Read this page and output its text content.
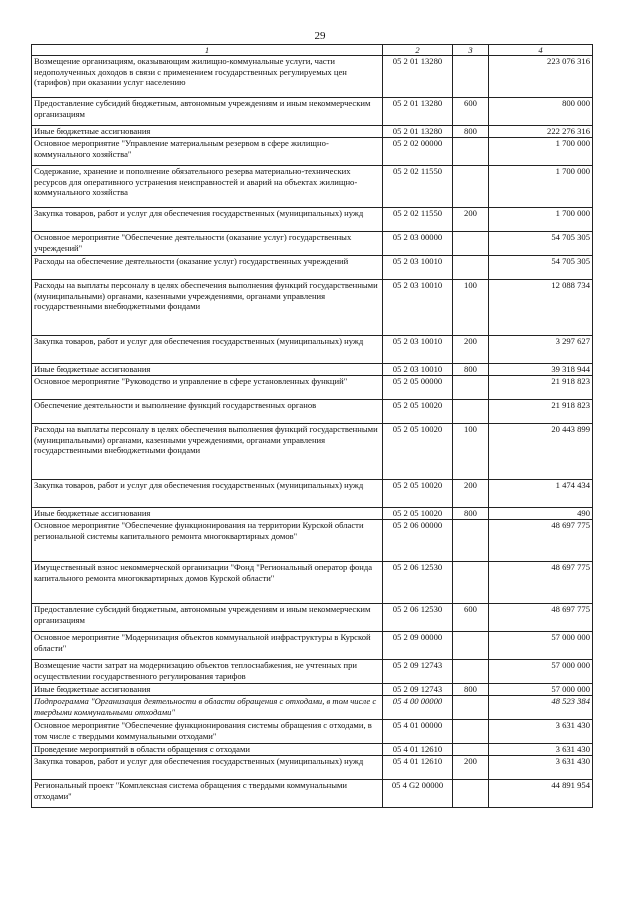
29
1	2	3	4
Возмещение организациям, оказывающим жилищно-коммунальные услуги, части недополученных доходов в связи с применением государственных регулируемых цен (тарифов) при оказании услуг населению	05 2 01 13280		223 076 316
Предоставление субсидий бюджетным, автономным учреждениям и иным некоммерческим организациям	05 2 01 13280	600	800 000
Иные бюджетные ассигнования	05 2 01 13280	800	222 276 316
Основное мероприятие "Управление материальным резервом в сфере жилищно-коммунального хозяйства"	05 2 02 00000		1 700 000
Содержание, хранение и пополнение обязательного резерва материально-технических ресурсов для оперативного устранения неисправностей и аварий на объектах жилищно-коммунального хозяйства	05 2 02 11550		1 700 000
Закупка товаров, работ и услуг для обеспечения государственных (муниципальных) нужд	05 2 02 11550	200	1 700 000
Основное мероприятие "Обеспечение деятельности (оказание услуг) государственных учреждений"	05 2 03 00000		54 705 305
Расходы на обеспечение деятельности (оказание услуг) государственных учреждений	05 2 03 10010		54 705 305
Расходы на выплаты персоналу в целях обеспечения выполнения функций государственными (муниципальными) органами, казенными учреждениями, органами управления государственными внебюджетными фондами	05 2 03 10010	100	12 088 734
Закупка товаров, работ и услуг для обеспечения государственных (муниципальных) нужд	05 2 03 10010	200	3 297 627
Иные бюджетные ассигнования	05 2 03 10010	800	39 318 944
Основное мероприятие "Руководство и управление в сфере установленных функций"	05 2 05 00000		21 918 823
Обеспечение деятельности и выполнение функций государственных органов	05 2 05 10020		21 918 823
Расходы на выплаты персоналу в целях обеспечения выполнения функций государственными (муниципальными) органами, казенными учреждениями, органами управления государственными внебюджетными фондами	05 2 05 10020	100	20 443 899
Закупка товаров, работ и услуг для обеспечения государственных (муниципальных) нужд	05 2 05 10020	200	1 474 434
Иные бюджетные ассигнования	05 2 05 10020	800	490
Основное мероприятие "Обеспечение функционирования на территории Курской области региональной системы капитального ремонта многоквартирных домов"	05 2 06 00000		48 697 775
Имущественный взнос некоммерческой организации "Фонд "Региональный оператор фонда капитального ремонта многоквартирных домов Курской области"	05 2 06 12530		48 697 775
Предоставление субсидий бюджетным, автономным учреждениям и иным некоммерческим организациям	05 2 06 12530	600	48 697 775
Основное мероприятие "Модернизация объектов коммунальной инфраструктуры в Курской области"	05 2 09 00000		57 000 000
Возмещение части затрат на модернизацию объектов теплоснабжения, не учтенных при осуществлении государственного регулирования тарифов	05 2 09 12743		57 000 000
Иные бюджетные ассигнования	05 2 09 12743	800	57 000 000
Подпрограмма "Организация деятельности в области обращения с отходами, в том числе с твердыми коммунальными отходами"	05 4 00 00000		48 523 384
Основное мероприятие "Обеспечение функционирования системы обращения с отходами, в том числе с твердыми коммунальными отходами"	05 4 01 00000		3 631 430
Проведение мероприятий в области обращения с отходами	05 4 01 12610		3 631 430
Закупка товаров, работ и услуг для обеспечения государственных (муниципальных) нужд	05 4 01 12610	200	3 631 430
Региональный проект "Комплексная система обращения с твердыми коммунальными отходами"	05 4 G2 00000		44 891 954
